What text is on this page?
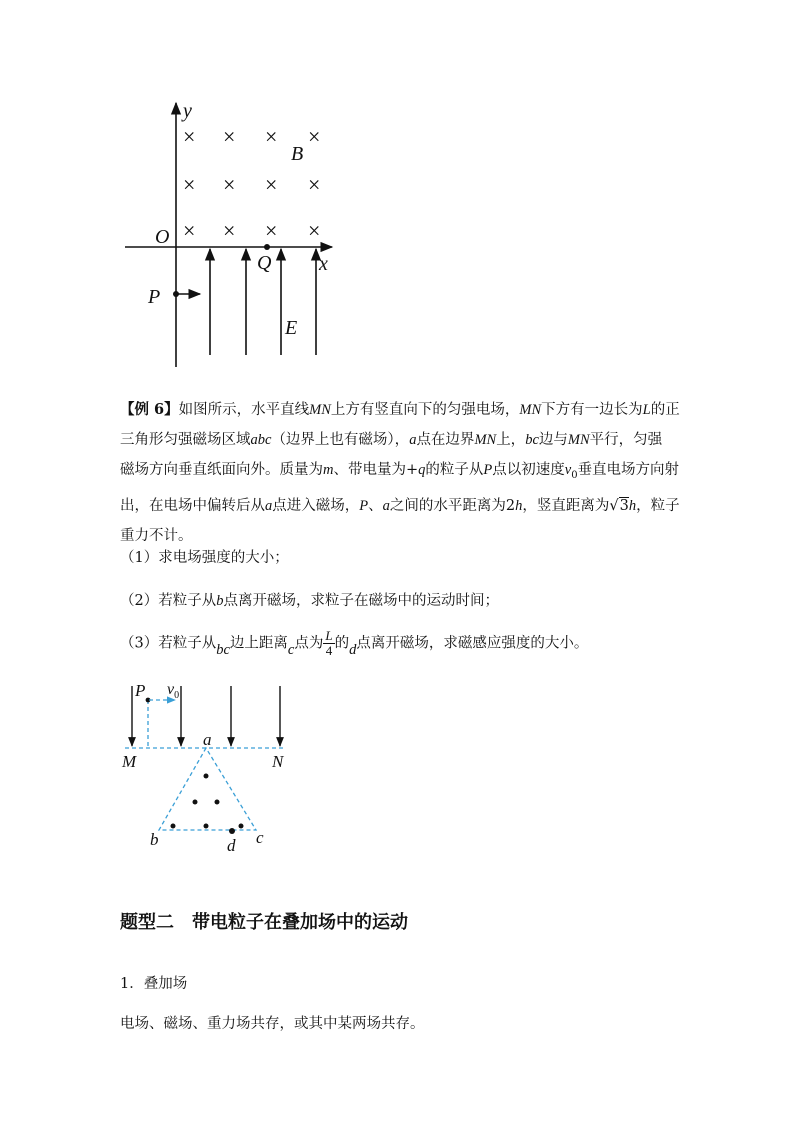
× × × ×
× × × ×
× × × ×
y
B
O
Q x
P
E
【例 6】如图所示，水平直线MN上方有竖直向下的匀强电场，MN下方有一边长为L的正
三角形匀强磁场区域abc（边界上也有磁场），a点在边界MN上，bc边与MN平行，匀强
磁场方向垂直纸面向外。质量为m、带电量为+q的粒子从P点以初速度$v_0$垂直电场方向射
出，在电场中偏转后从a点进入磁场，P、a之间的水平距离为2h，竖直距离为√3h，粒子
重力不计。
（1）求电场强度的大小；
（2）若粒子从b点离开磁场，求粒子在磁场中的运动时间；
（3）若粒子从bc边上距离c点为 $\frac{L}{4}$ 的d点离开磁场，求磁感应强度的大小。
P $v_0$
a
M	N
b	c
d
题型二　带电粒子在叠加场中的运动
1．叠加场
电场、磁场、重力场共存，或其中某两场共存。
